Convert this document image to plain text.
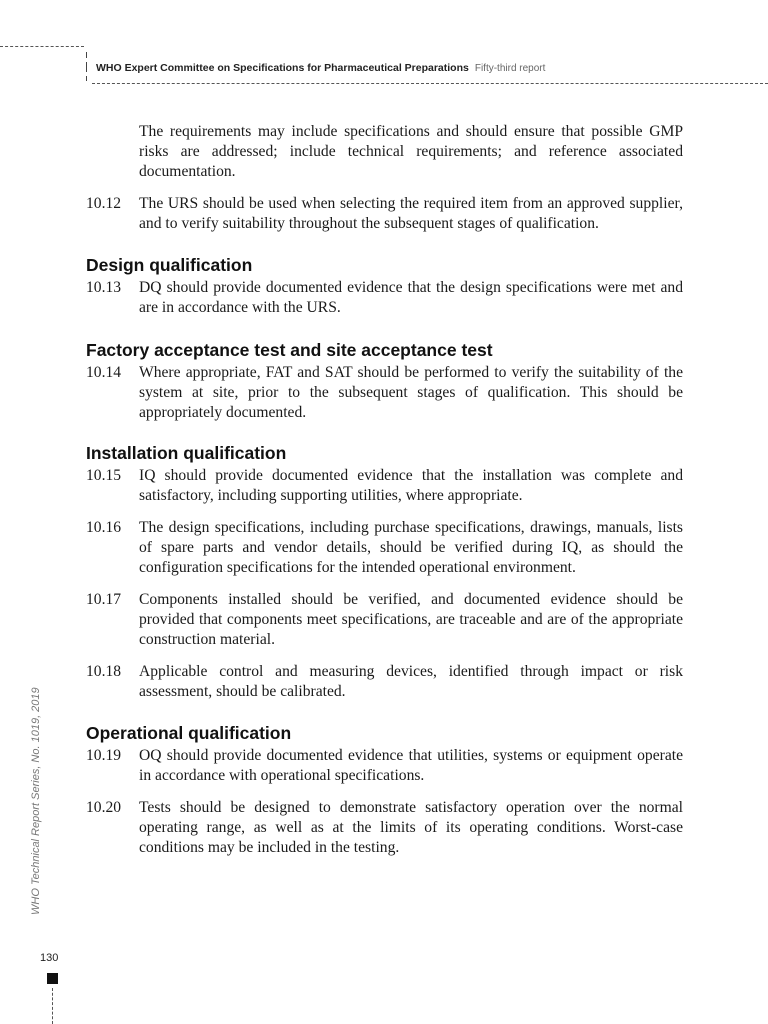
WHO Expert Committee on Specifications for Pharmaceutical Preparations Fifty-third report
The requirements may include specifications and should ensure that possible GMP risks are addressed; include technical requirements; and reference associated documentation.
10.12 The URS should be used when selecting the required item from an approved supplier, and to verify suitability throughout the subsequent stages of qualification.
Design qualification
10.13 DQ should provide documented evidence that the design specifications were met and are in accordance with the URS.
Factory acceptance test and site acceptance test
10.14 Where appropriate, FAT and SAT should be performed to verify the suitability of the system at site, prior to the subsequent stages of qualification. This should be appropriately documented.
Installation qualification
10.15 IQ should provide documented evidence that the installation was complete and satisfactory, including supporting utilities, where appropriate.
10.16 The design specifications, including purchase specifications, drawings, manuals, lists of spare parts and vendor details, should be verified during IQ, as should the configuration specifications for the intended operational environment.
10.17 Components installed should be verified, and documented evidence should be provided that components meet specifications, are traceable and are of the appropriate construction material.
10.18 Applicable control and measuring devices, identified through impact or risk assessment, should be calibrated.
Operational qualification
10.19 OQ should provide documented evidence that utilities, systems or equipment operate in accordance with operational specifications.
10.20 Tests should be designed to demonstrate satisfactory operation over the normal operating range, as well as at the limits of its operating conditions. Worst-case conditions may be included in the testing.
WHO Technical Report Series, No. 1019, 2019
130
